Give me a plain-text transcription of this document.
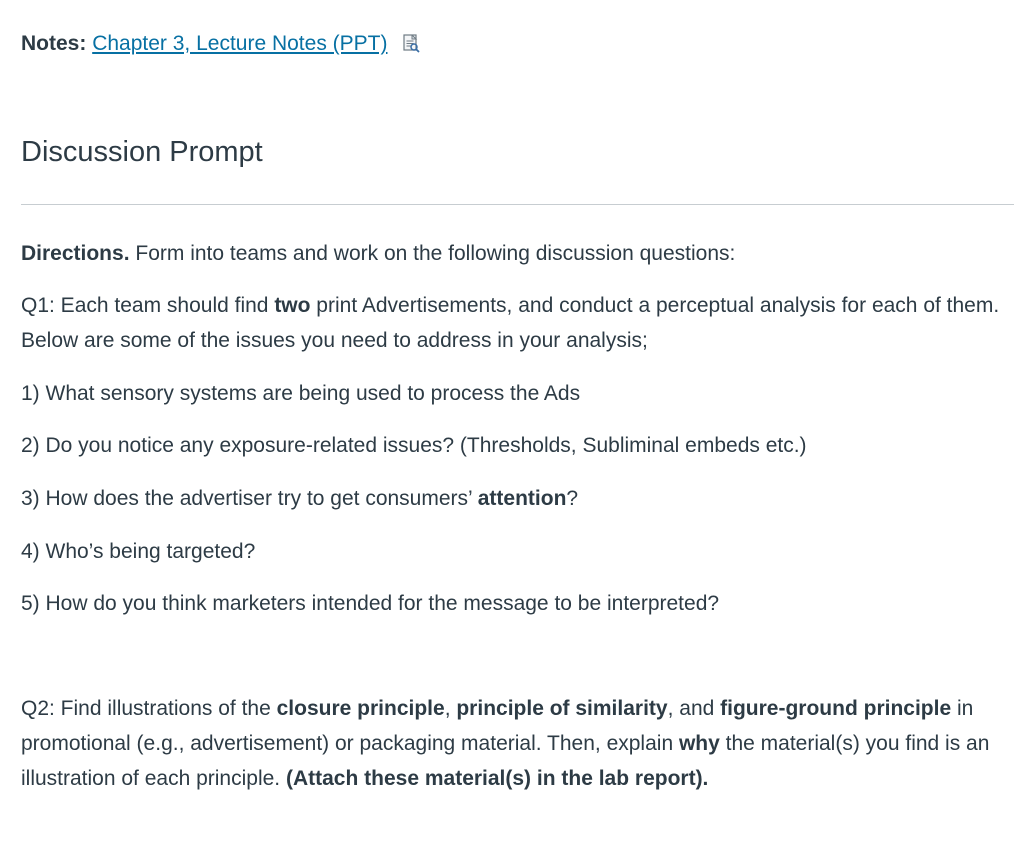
Notes: Chapter 3, Lecture Notes (PPT)
Discussion Prompt

Directions. Form into teams and work on the following discussion questions:

Q1: Each team should find two print Advertisements, and conduct a perceptual analysis for each of them. Below are some of the issues you need to address in your analysis;

1) What sensory systems are being used to process the Ads

2) Do you notice any exposure-related issues? (Thresholds, Subliminal embeds etc.)

3) How does the advertiser try to get consumers’ attention?

4) Who’s being targeted?

5) How do you think marketers intended for the message to be interpreted?

Q2: Find illustrations of the closure principle, principle of similarity, and figure-ground principle in promotional (e.g., advertisement) or packaging material. Then, explain why the material(s) you find is an illustration of each principle. (Attach these material(s) in the lab report).
